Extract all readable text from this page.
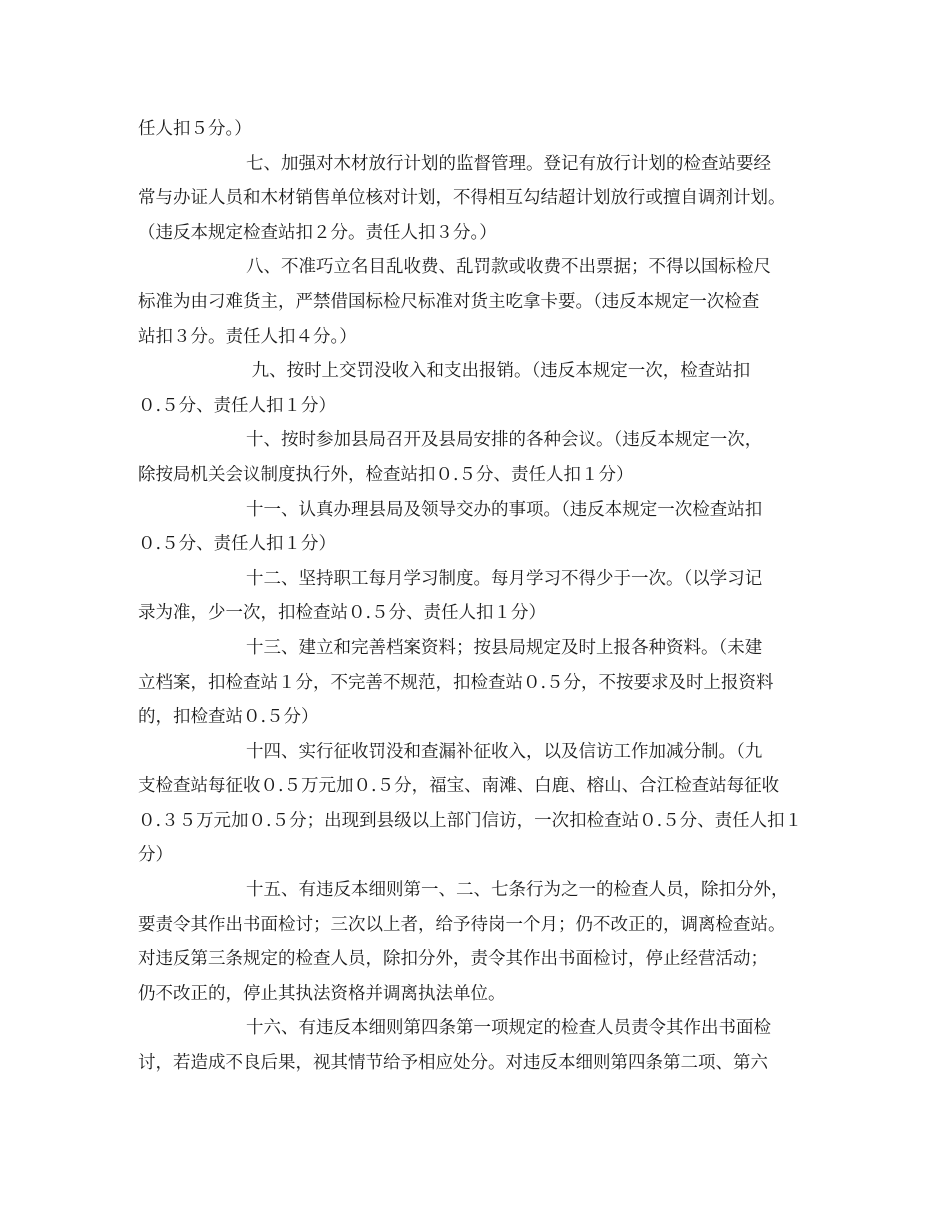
任人扣５分。）
七、加强对木材放行计划的监督管理。登记有放行计划的检查站要经
常与办证人员和木材销售单位核对计划，不得相互勾结超计划放行或擅自调剂计划。
（违反本规定检查站扣２分。责任人扣３分。）
八、不准巧立名目乱收费、乱罚款或收费不出票据；不得以国标检尺
标准为由刁难货主，严禁借国标检尺标准对货主吃拿卡要。（违反本规定一次检查
站扣３分。责任人扣４分。）
九、按时上交罚没收入和支出报销。（违反本规定一次，检查站扣
０.５分、责任人扣１分）
十、按时参加县局召开及县局安排的各种会议。（违反本规定一次，
除按局机关会议制度执行外，检查站扣０.５分、责任人扣１分）
十一、认真办理县局及领导交办的事项。（违反本规定一次检查站扣
０.５分、责任人扣１分）
十二、坚持职工每月学习制度。每月学习不得少于一次。（以学习记
录为准，少一次，扣检查站０.５分、责任人扣１分）
十三、建立和完善档案资料；按县局规定及时上报各种资料。（未建
立档案，扣检查站１分，不完善不规范，扣检查站０.５分，不按要求及时上报资料
的，扣检查站０.５分）
十四、实行征收罚没和查漏补征收入，以及信访工作加减分制。（九
支检查站每征收０.５万元加０.５分，福宝、南滩、白鹿、榕山、合江检查站每征收
０.３５万元加０.５分；出现到县级以上部门信访，一次扣检查站０.５分、责任人扣１
分）
十五、有违反本细则第一、二、七条行为之一的检查人员，除扣分外，
要责令其作出书面检讨；三次以上者，给予待岗一个月；仍不改正的，调离检查站。
对违反第三条规定的检查人员，除扣分外，责令其作出书面检讨，停止经营活动；
仍不改正的，停止其执法资格并调离执法单位。
十六、有违反本细则第四条第一项规定的检查人员责令其作出书面检
讨，若造成不良后果，视其情节给予相应处分。对违反本细则第四条第二项、第六
